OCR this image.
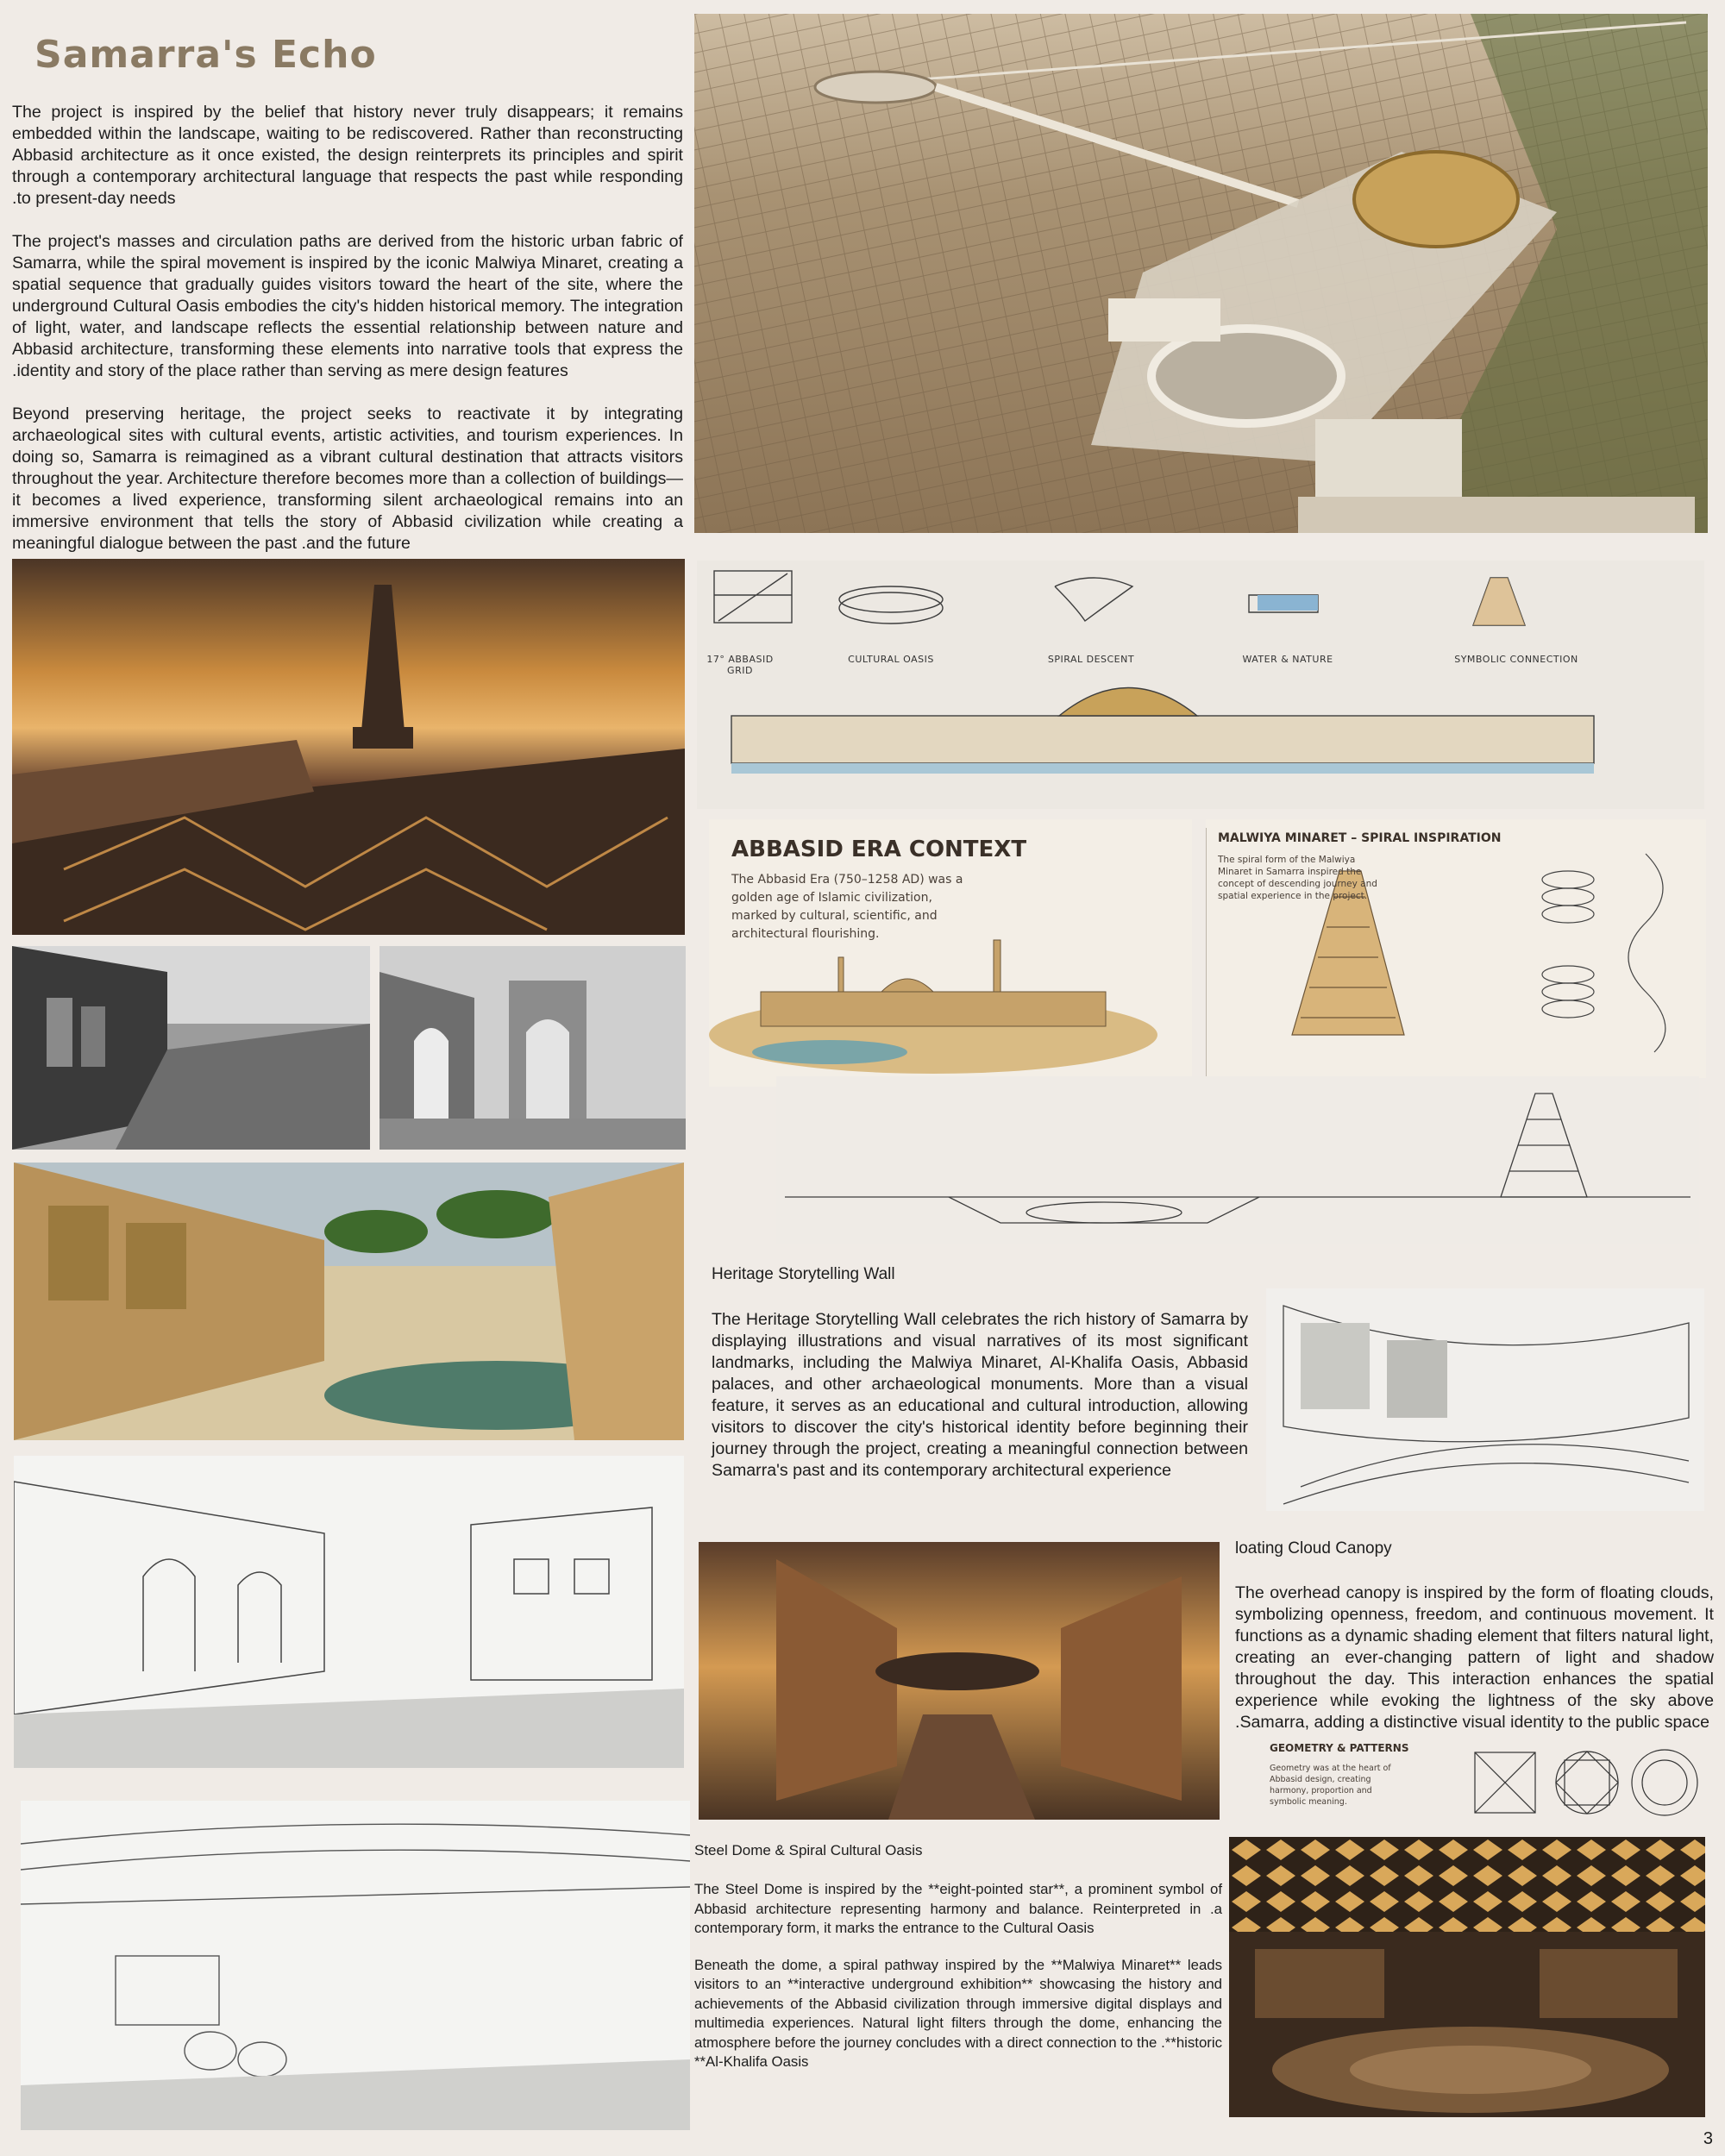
Samarra's Echo

The project is inspired by the belief that history never truly disappears; it remains embedded within the landscape, waiting to be rediscovered. Rather than reconstructing Abbasid architecture as it once existed, the design reinterprets its principles and spirit through a contemporary architectural language that respects the past while responding .to present-day needs

The project's masses and circulation paths are derived from the historic urban fabric of Samarra, while the spiral movement is inspired by the iconic Malwiya Minaret, creating a spatial sequence that gradually guides visitors toward the heart of the site, where the underground Cultural Oasis embodies the city's hidden historical memory. The integration of light, water, and landscape reflects the essential relationship between nature and Abbasid architecture, transforming these elements into narrative tools that express the .identity and story of the place rather than serving as mere design features

Beyond preserving heritage, the project seeks to reactivate it by integrating archaeological sites with cultural events, artistic activities, and tourism experiences. In doing so, Samarra is reimagined as a vibrant cultural destination that attracts visitors throughout the year. Architecture therefore becomes more than a collection of buildings—it becomes a lived experience, transforming silent archaeological remains into an immersive environment that tells the story of Abbasid civilization while creating a meaningful dialogue between the past .and the future

17° ABBASID GRID
CULTURAL OASIS	SPIRAL DESCENT	WATER & NATURE	SYMBOLIC CONNECTION
ABBASID ERA CONTEXT
The Abbasid Era (750–1258 AD) was a golden age of Islamic civilization, marked by cultural, scientific, and architectural flourishing.
MALWIYA MINARET – SPIRAL INSPIRATION
The spiral form of the Malwiya Minaret in Samarra inspired the concept of descending journey and spatial experience in the project.
Heritage Storytelling Wall

The Heritage Storytelling Wall celebrates the rich history of Samarra by displaying illustrations and visual narratives of its most significant landmarks, including the Malwiya Minaret, Al-Khalifa Oasis, Abbasid palaces, and other archaeological monuments. More than a visual feature, it serves as an educational and cultural introduction, allowing visitors to discover the city's historical identity before beginning their journey through the project, creating a meaningful connection between Samarra's past and its contemporary architectural experience

loating Cloud Canopy

The overhead canopy is inspired by the form of floating clouds, symbolizing openness, freedom, and continuous movement. It functions as a dynamic shading element that filters natural light, creating an ever-changing pattern of light and shadow throughout the day. This interaction enhances the spatial experience while evoking the lightness of the sky above .Samarra, adding a distinctive visual identity to the public space

GEOMETRY & PATTERNS
Geometry was at the heart of Abbasid design, creating harmony, proportion and symbolic meaning.
Steel Dome & Spiral Cultural Oasis

The Steel Dome is inspired by the **eight-pointed star**, a prominent symbol of Abbasid architecture representing harmony and balance. Reinterpreted in .a contemporary form, it marks the entrance to the Cultural Oasis

Beneath the dome, a spiral pathway inspired by the **Malwiya Minaret** leads visitors to an **interactive underground exhibition** showcasing the history and achievements of the Abbasid civilization through immersive digital displays and multimedia experiences. Natural light filters through the dome, enhancing the atmosphere before the journey concludes with a direct connection to the .**historic **Al-Khalifa Oasis

3
